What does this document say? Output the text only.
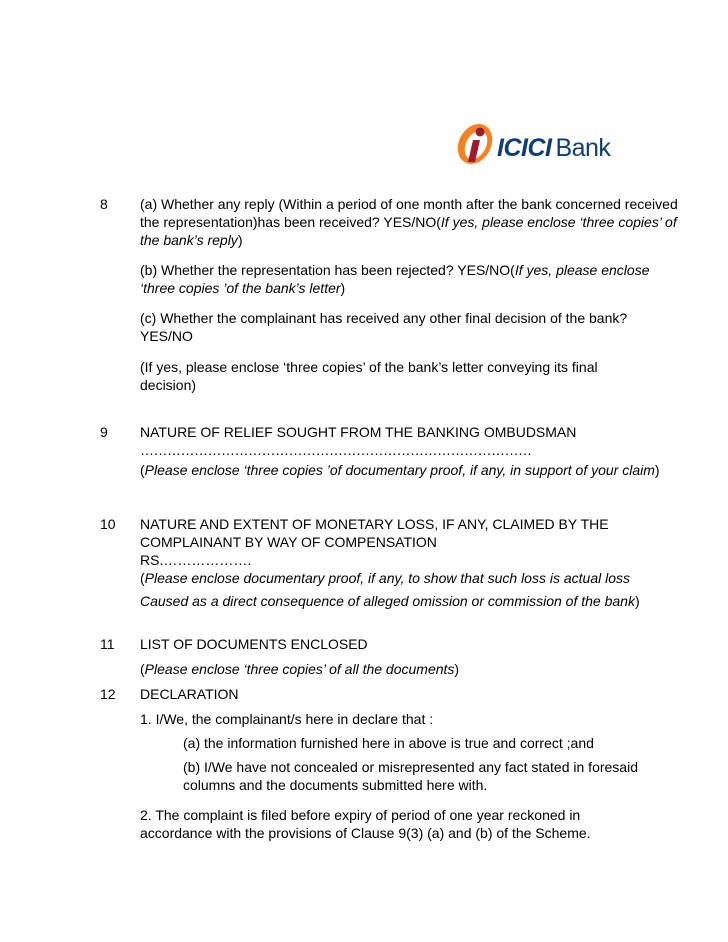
ICICI Bank
8 (a) Whether any reply (Within a period of one month after the bank concerned received the representation)has been received? YES/NO(If yes, please enclose ‘three copies’ of the bank’s reply)

(b) Whether the representation has been rejected? YES/NO(If yes, please enclose ‘three copies ’of the bank’s letter)

(c) Whether the complainant has received any other final decision of the bank?

YES/NO

(If yes, please enclose ‘three copies’ of the bank’s letter conveying its final decision)

9 NATURE OF RELIEF SOUGHT FROM THE BANKING OMBUDSMAN

……………………………………………………………………………

(Please enclose ‘three copies ’of documentary proof, if any, in support of your claim)

10 NATURE AND EXTENT OF MONETARY LOSS, IF ANY, CLAIMED BY THE COMPLAINANT BY WAY OF COMPENSATION

RS.……………….

(Please enclose documentary proof, if any, to show that such loss is actual loss

Caused as a direct consequence of alleged omission or commission of the bank)

11 LIST OF DOCUMENTS ENCLOSED

(Please enclose ‘three copies’ of all the documents)

12 DECLARATION
1. I/We, the complainant/s here in declare that :
(a) the information furnished here in above is true and correct ;and
(b) I/We have not concealed or misrepresented any fact stated in foresaid columns and the documents submitted here with.
2. The complaint is filed before expiry of period of one year reckoned in accordance with the provisions of Clause 9(3) (a) and (b) of the Scheme.
